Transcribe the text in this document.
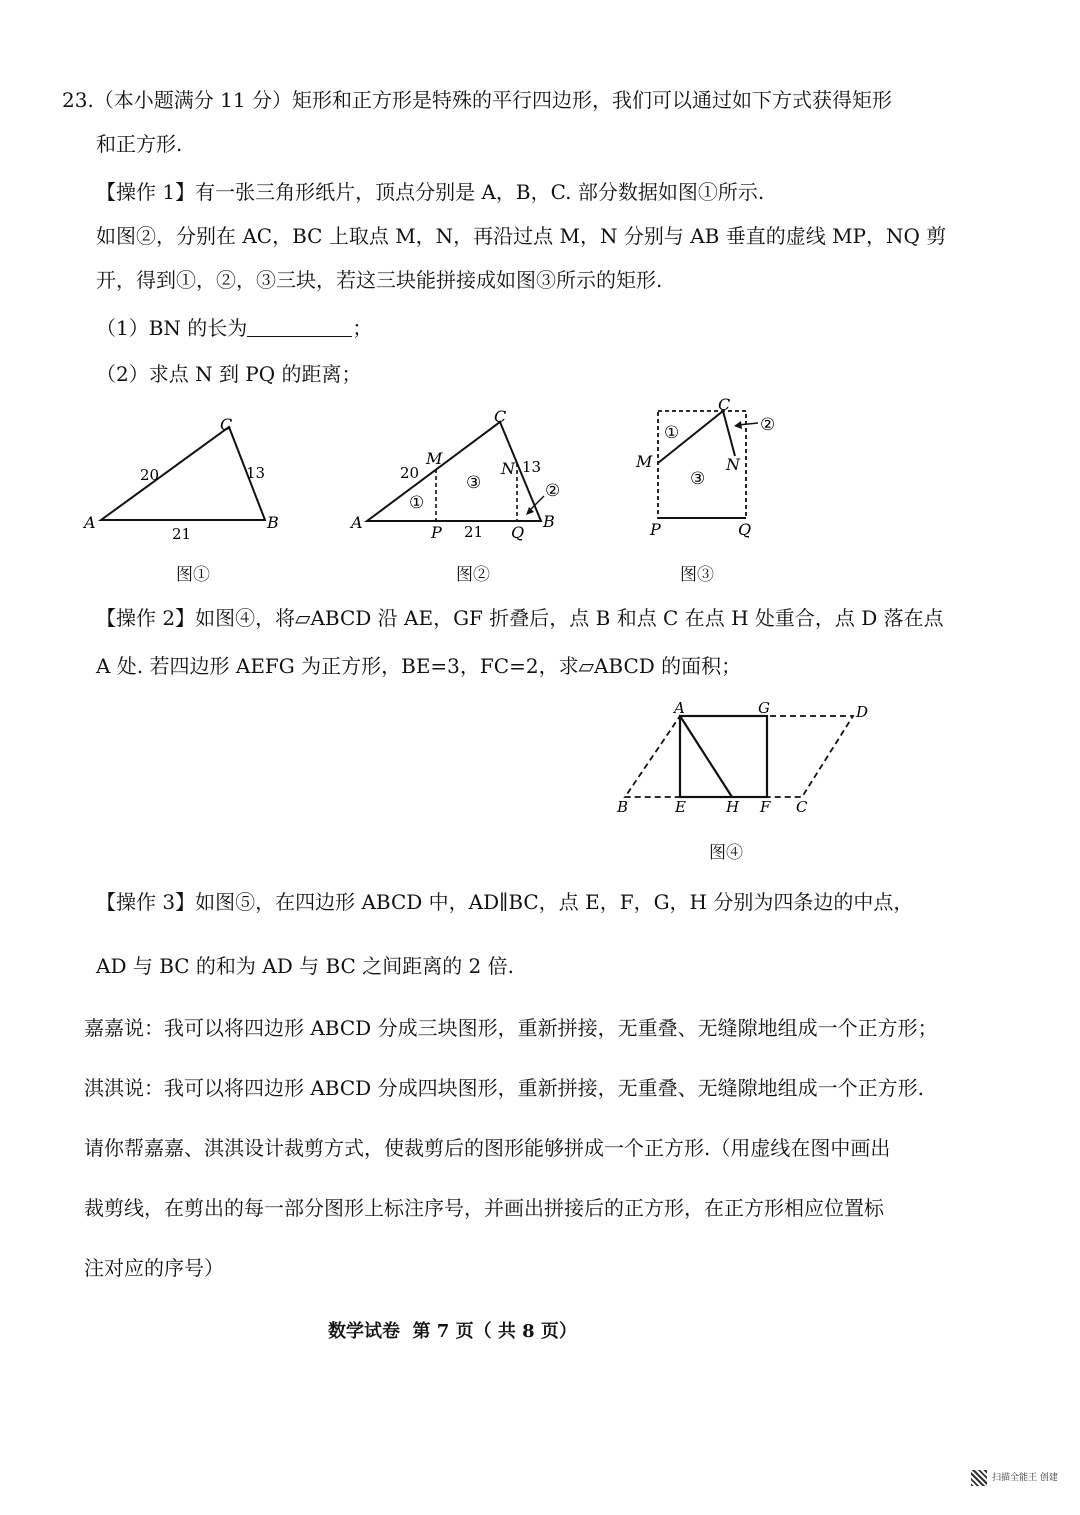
23.（本小题满分 11 分）矩形和正方形是特殊的平行四边形，我们可以通过如下方式获得矩形
和正方形.
【操作 1】有一张三角形纸片，顶点分别是 A，B，C. 部分数据如图①所示.
如图②，分别在 AC，BC 上取点 M，N，再沿过点 M，N 分别与 AB 垂直的虚线 MP，NQ 剪
开，得到①，②，③三块，若这三块能拼接成如图③所示的矩形.
（1）BN 的长为	；
（2）求点 N 到 PQ 的距离；
C
A	B
20	13
21
图①
C
A	B
M
N
P	Q
20	13
21
①
③	②
图②
C
M	N
P	Q
①
③
②
图③
【操作 2】如图④，将▱ABCD 沿 AE，GF 折叠后，点 B 和点 C 在点 H 处重合，点 D 落在点
A 处. 若四边形 AEFG 为正方形，BE=3，FC=2，求▱ABCD 的面积；
A	G	D
B	E	H F C
图④
【操作 3】如图⑤，在四边形 ABCD 中，AD∥BC，点 E，F，G，H 分别为四条边的中点，
AD 与 BC 的和为 AD 与 BC 之间距离的 2 倍.
嘉嘉说：我可以将四边形 ABCD 分成三块图形，重新拼接，无重叠、无缝隙地组成一个正方形；
淇淇说：我可以将四边形 ABCD 分成四块图形，重新拼接，无重叠、无缝隙地组成一个正方形.
请你帮嘉嘉、淇淇设计裁剪方式，使裁剪后的图形能够拼成一个正方形.（用虚线在图中画出
裁剪线，在剪出的每一部分图形上标注序号，并画出拼接后的正方形，在正方形相应位置标
注对应的序号）
数学试卷  第 7 页（ 共 8 页）
扫描全能王 创建
